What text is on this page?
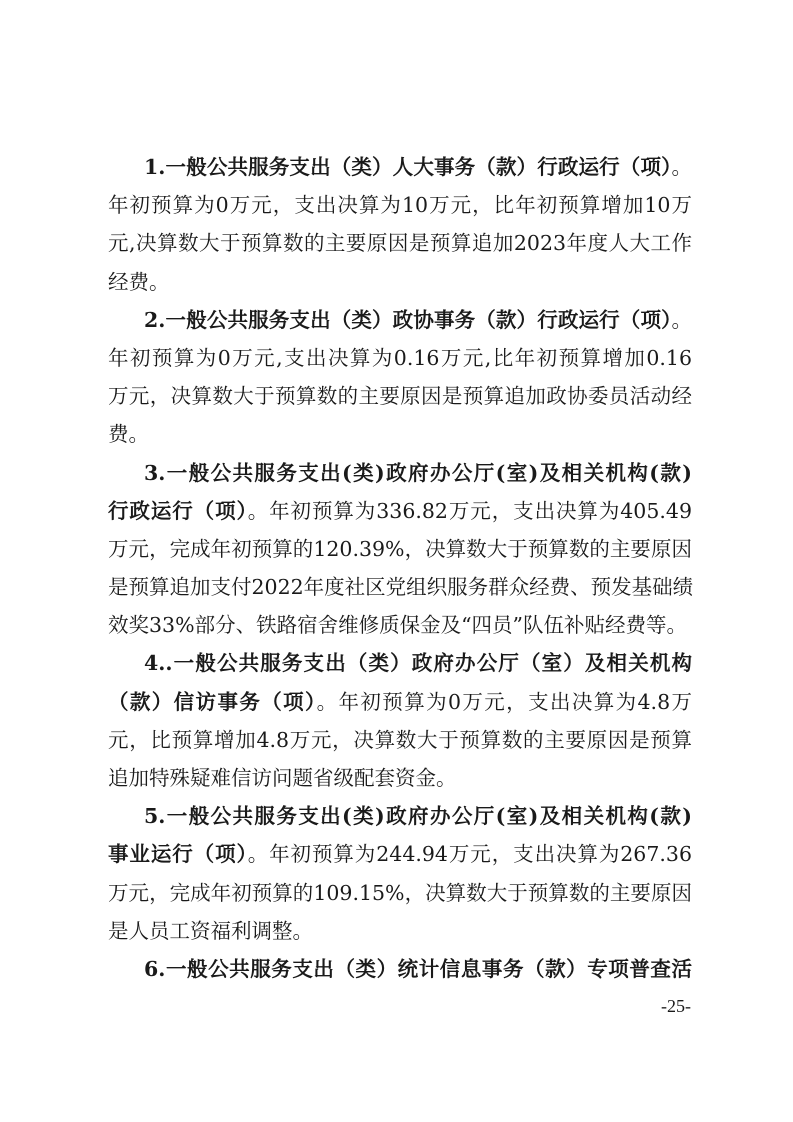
1.一般公共服务支出（类）人大事务（款）行政运行（项）。
年初预算为0万元，支出决算为10万元，比年初预算增加10万
元,决算数大于预算数的主要原因是预算追加2023年度人大工作
经费。
2.一般公共服务支出（类）政协事务（款）行政运行（项）。
年初预算为0万元,支出决算为0.16万元,比年初预算增加0.16
万元，决算数大于预算数的主要原因是预算追加政协委员活动经
费。
3.一般公共服务支出(类)政府办公厅(室)及相关机构(款)
行政运行（项）。年初预算为336.82万元，支出决算为405.49
万元，完成年初预算的120.39%，决算数大于预算数的主要原因
是预算追加支付2022年度社区党组织服务群众经费、预发基础绩
效奖33%部分、铁路宿舍维修质保金及“四员”队伍补贴经费等。
4..一般公共服务支出（类）政府办公厅（室）及相关机构
（款）信访事务（项）。年初预算为0万元，支出决算为4.8万
元，比预算增加4.8万元，决算数大于预算数的主要原因是预算
追加特殊疑难信访问题省级配套资金。
5.一般公共服务支出(类)政府办公厅(室)及相关机构(款)
事业运行（项）。年初预算为244.94万元，支出决算为267.36
万元，完成年初预算的109.15%，决算数大于预算数的主要原因
是人员工资福利调整。
6.一般公共服务支出（类）统计信息事务（款）专项普查活
-25-
